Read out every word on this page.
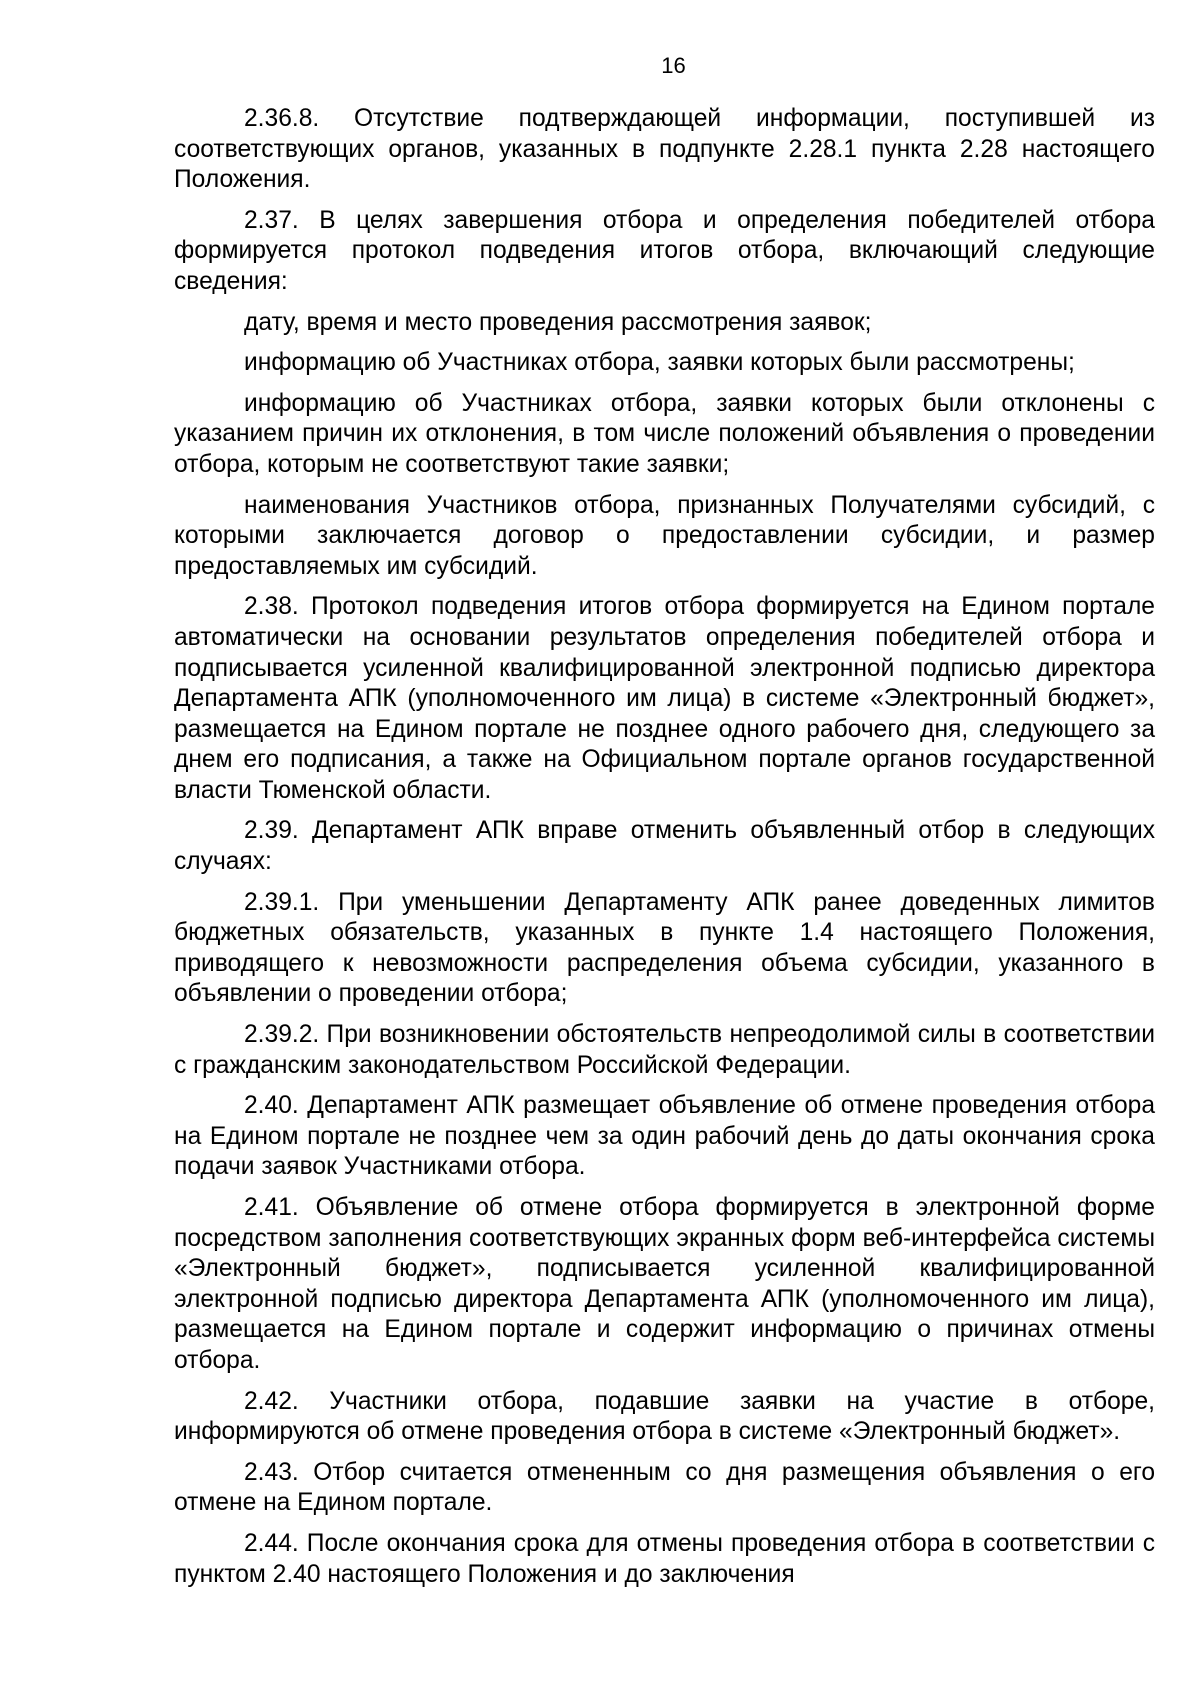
16

2.36.8. Отсутствие подтверждающей информации, поступившей из соответствующих органов, указанных в подпункте 2.28.1 пункта 2.28 настоящего Положения.

2.37. В целях завершения отбора и определения победителей отбора формируется протокол подведения итогов отбора, включающий следующие сведения:

дату, время и место проведения рассмотрения заявок;

информацию об Участниках отбора, заявки которых были рассмотрены;

информацию об Участниках отбора, заявки которых были отклонены с указанием причин их отклонения, в том числе положений объявления о проведении отбора, которым не соответствуют такие заявки;

наименования Участников отбора, признанных Получателями субсидий, с которыми заключается договор о предоставлении субсидии, и размер предоставляемых им субсидий.

2.38. Протокол подведения итогов отбора формируется на Едином портале автоматически на основании результатов определения победителей отбора и подписывается усиленной квалифицированной электронной подписью директора Департамента АПК (уполномоченного им лица) в системе «Электронный бюджет», размещается на Едином портале не позднее одного рабочего дня, следующего за днем его подписания, а также на Официальном портале органов государственной власти Тюменской области.

2.39. Департамент АПК вправе отменить объявленный отбор в следующих случаях:

2.39.1. При уменьшении Департаменту АПК ранее доведенных лимитов бюджетных обязательств, указанных в пункте 1.4 настоящего Положения, приводящего к невозможности распределения объема субсидии, указанного в объявлении о проведении отбора;

2.39.2. При возникновении обстоятельств непреодолимой силы в соответствии с гражданским законодательством Российской Федерации.

2.40. Департамент АПК размещает объявление об отмене проведения отбора на Едином портале не позднее чем за один рабочий день до даты окончания срока подачи заявок Участниками отбора.

2.41. Объявление об отмене отбора формируется в электронной форме посредством заполнения соответствующих экранных форм веб-интерфейса системы «Электронный бюджет», подписывается усиленной квалифицированной электронной подписью директора Департамента АПК (уполномоченного им лица), размещается на Едином портале и содержит информацию о причинах отмены отбора.

2.42. Участники отбора, подавшие заявки на участие в отборе, информируются об отмене проведения отбора в системе «Электронный бюджет».

2.43. Отбор считается отмененным со дня размещения объявления о его отмене на Едином портале.

2.44. После окончания срока для отмены проведения отбора в соответствии с пунктом 2.40 настоящего Положения и до заключения
